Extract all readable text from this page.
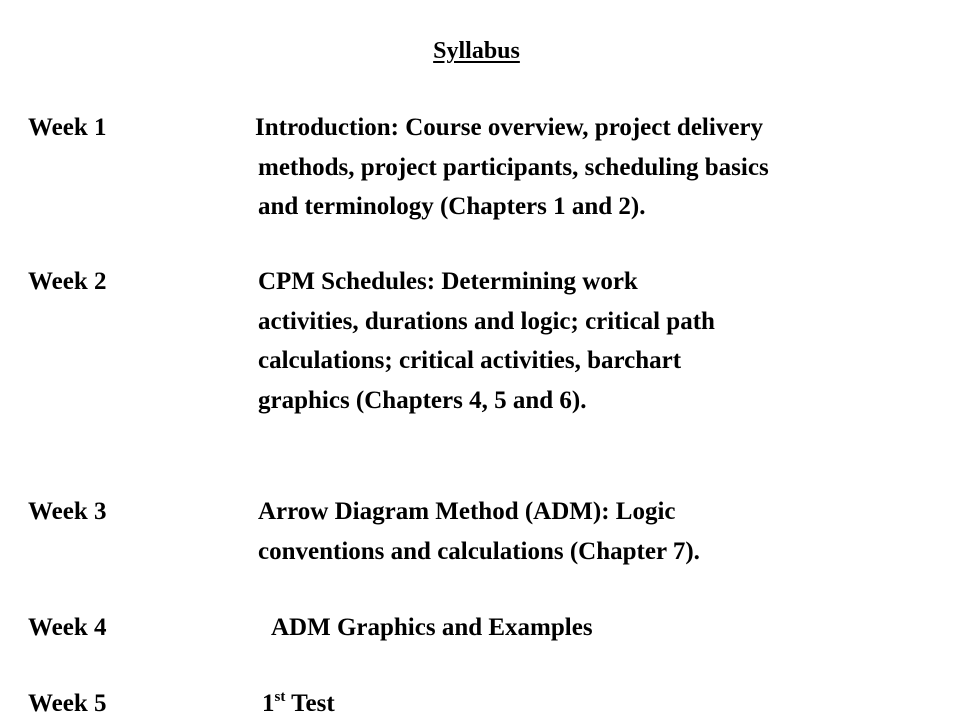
Syllabus
Week 1	Introduction: Course overview, project delivery
methods, project participants, scheduling basics
and terminology (Chapters 1 and 2).
Week 2	CPM Schedules: Determining work
activities, durations and logic; critical path
calculations; critical activities, barchart
graphics (Chapters 4, 5 and 6).
Week 3	Arrow Diagram Method (ADM): Logic
conventions and calculations (Chapter 7).
Week 4	ADM Graphics and Examples
Week 5	1st Test
